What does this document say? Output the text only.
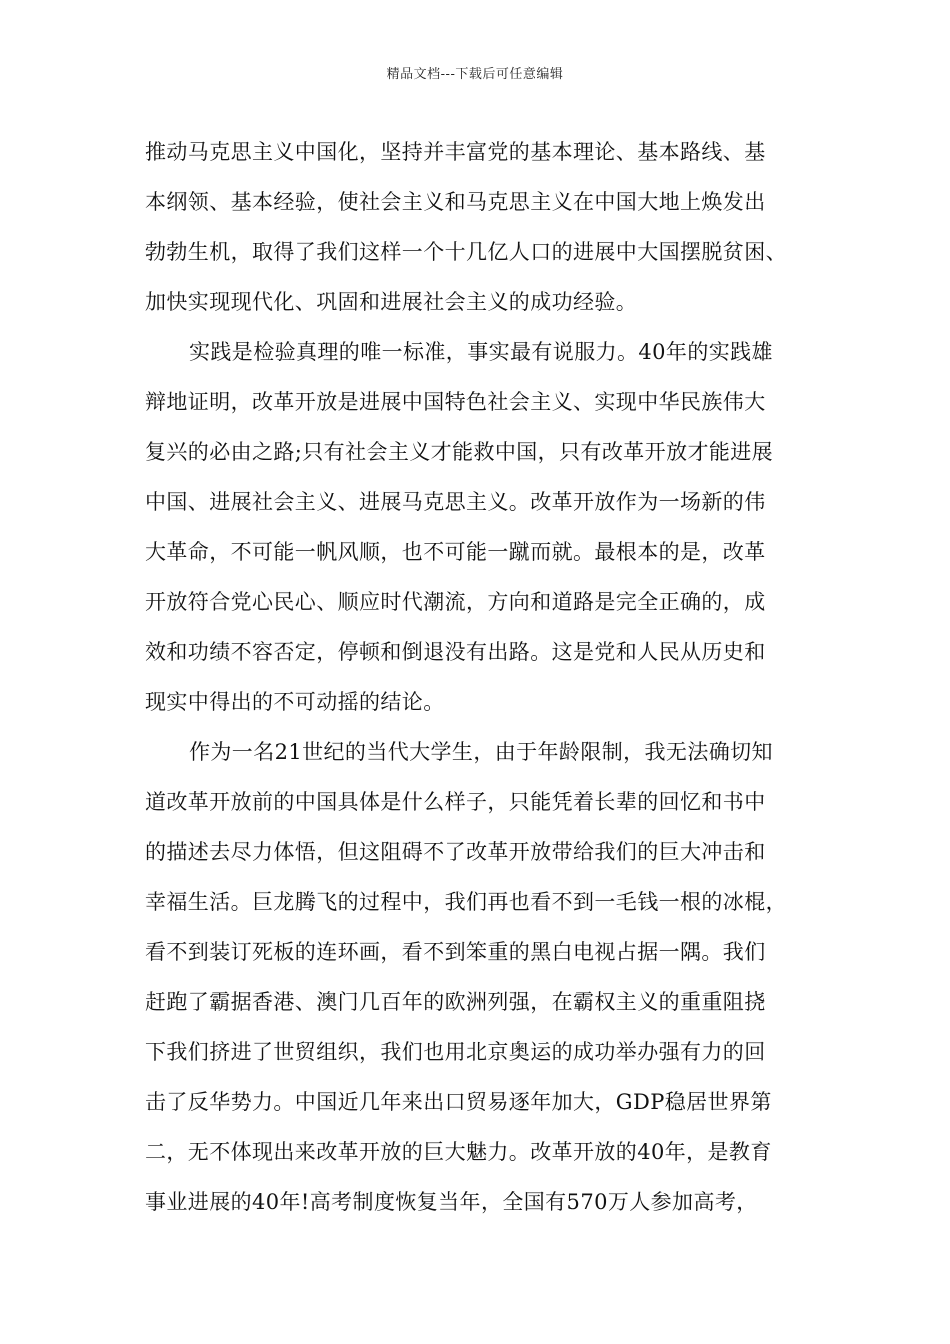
精品文档---下载后可任意编辑
推动马克思主义中国化，坚持并丰富党的基本理论、基本路线、基
本纲领、基本经验，使社会主义和马克思主义在中国大地上焕发出
勃勃生机，取得了我们这样一个十几亿人口的进展中大国摆脱贫困、
加快实现现代化、巩固和进展社会主义的成功经验。
实践是检验真理的唯一标准，事实最有说服力。40年的实践雄
辩地证明，改革开放是进展中国特色社会主义、实现中华民族伟大
复兴的必由之路;只有社会主义才能救中国，只有改革开放才能进展
中国、进展社会主义、进展马克思主义。改革开放作为一场新的伟
大革命，不可能一帆风顺，也不可能一蹴而就。最根本的是，改革
开放符合党心民心、顺应时代潮流，方向和道路是完全正确的，成
效和功绩不容否定，停顿和倒退没有出路。这是党和人民从历史和
现实中得出的不可动摇的结论。
作为一名21世纪的当代大学生，由于年龄限制，我无法确切知
道改革开放前的中国具体是什么样子，只能凭着长辈的回忆和书中
的描述去尽力体悟，但这阻碍不了改革开放带给我们的巨大冲击和
幸福生活。巨龙腾飞的过程中，我们再也看不到一毛钱一根的冰棍，
看不到装订死板的连环画，看不到笨重的黑白电视占据一隅。我们
赶跑了霸据香港、澳门几百年的欧洲列强，在霸权主义的重重阻挠
下我们挤进了世贸组织，我们也用北京奥运的成功举办强有力的回
击了反华势力。中国近几年来出口贸易逐年加大，GDP稳居世界第
二，无不体现出来改革开放的巨大魅力。改革开放的40年，是教育
事业进展的40年!高考制度恢复当年，全国有570万人参加高考，
